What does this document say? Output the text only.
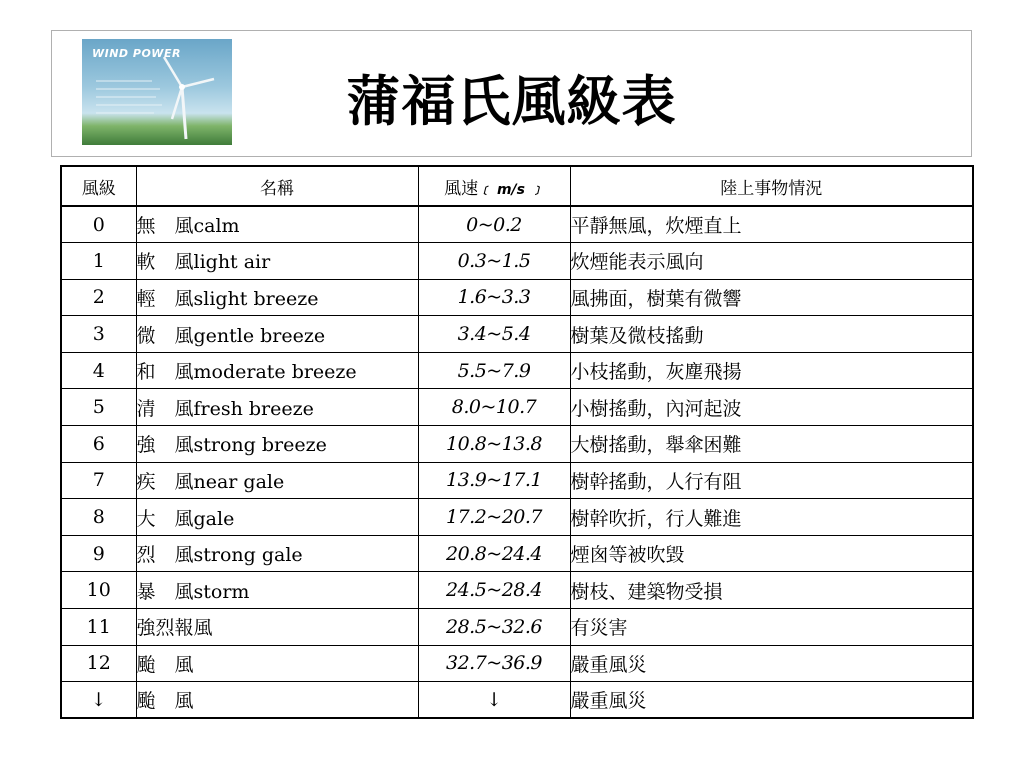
WIND POWER
蒲福氏風級表
風級	名稱	風速﹝ m/s ﹞	陸上事物情況
0	無　風calm	0~0.2	平靜無風，炊煙直上
1	軟　風light air	0.3~1.5	炊煙能表示風向
2	輕　風slight breeze	1.6~3.3	風拂面，樹葉有微響
3	微　風gentle breeze	3.4~5.4	樹葉及微枝搖動
4	和　風moderate breeze	5.5~7.9	小枝搖動，灰塵飛揚
5	清　風fresh breeze	8.0~10.7	小樹搖動，內河起波
6	強　風strong breeze	10.8~13.8	大樹搖動，舉傘困難
7	疾　風near gale	13.9~17.1	樹幹搖動，人行有阻
8	大　風gale	17.2~20.7	樹幹吹折，行人難進
9	烈　風strong gale	20.8~24.4	煙囪等被吹毀
10	暴　風storm	24.5~28.4	樹枝、建築物受損
11	強烈報風	28.5~32.6	有災害
12	颱　風	32.7~36.9	嚴重風災
↓	颱　風	↓	嚴重風災
